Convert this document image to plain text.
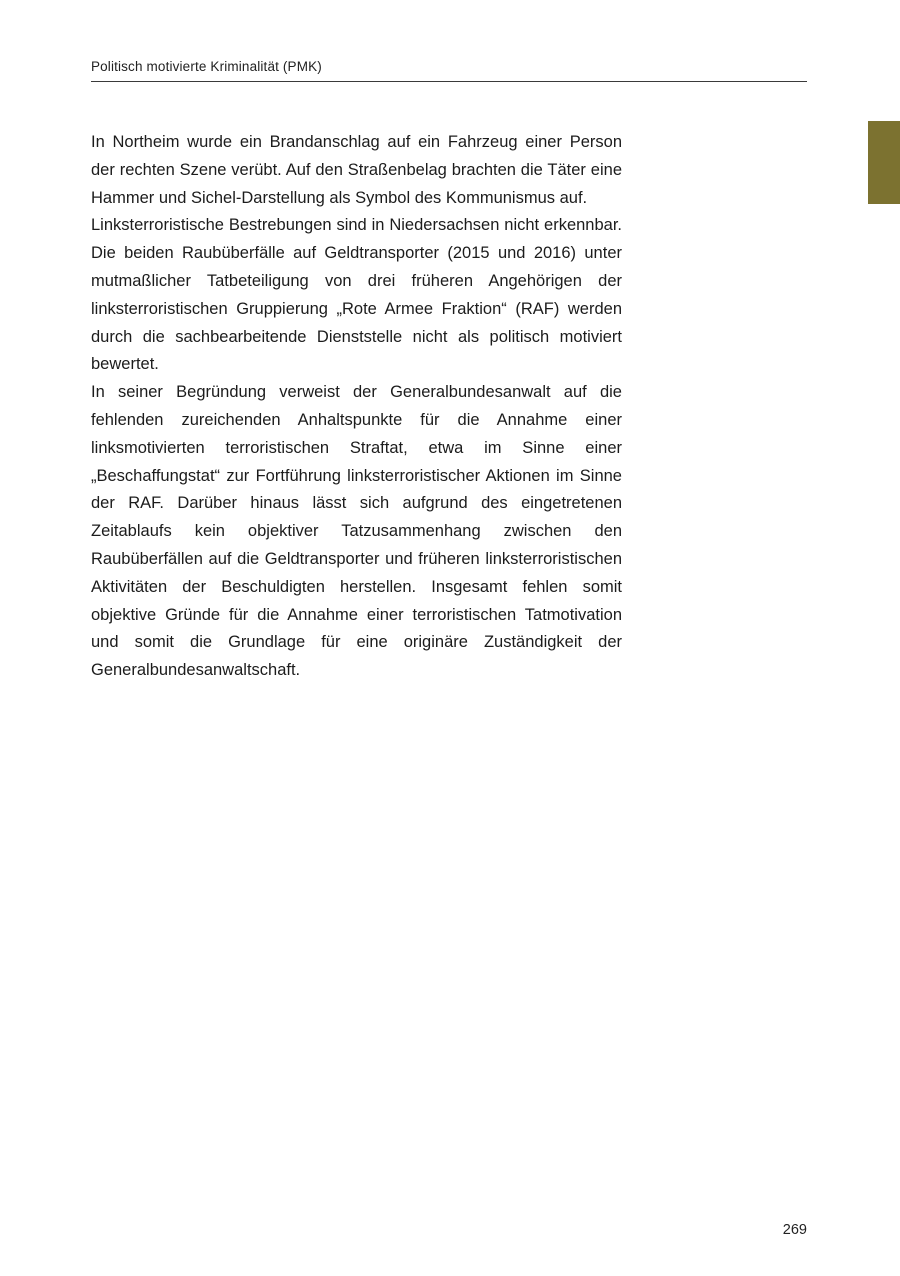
Politisch motivierte Kriminalität (PMK)

In Northeim wurde ein Brandanschlag auf ein Fahrzeug einer Person der rechten Szene verübt. Auf den Straßenbelag brachten die Täter eine Hammer und Sichel-Darstellung als Symbol des Kommunismus auf.

Linksterroristische Bestrebungen sind in Niedersachsen nicht erkennbar. Die beiden Raubüberfälle auf Geldtransporter (2015 und 2016) unter mutmaßlicher Tatbeteiligung von drei früheren Angehörigen der linksterroristischen Gruppierung „Rote Armee Fraktion“ (RAF) werden durch die sachbearbeitende Dienststelle nicht als politisch motiviert bewertet.

In seiner Begründung verweist der Generalbundesanwalt auf die fehlenden zureichenden Anhaltspunkte für die Annahme einer linksmotivierten terroristischen Straftat, etwa im Sinne einer „Beschaffungstat“ zur Fortführung linksterroristischer Aktionen im Sinne der RAF. Darüber hinaus lässt sich aufgrund des eingetretenen Zeitablaufs kein objektiver Tatzusammenhang zwischen den Raubüberfällen auf die Geldtransporter und früheren linksterroristischen Aktivitäten der Beschuldigten herstellen. Insgesamt fehlen somit objektive Gründe für die Annahme einer terroristischen Tatmotivation und somit die Grundlage für eine originäre Zuständigkeit der Generalbundesanwaltschaft.

269
